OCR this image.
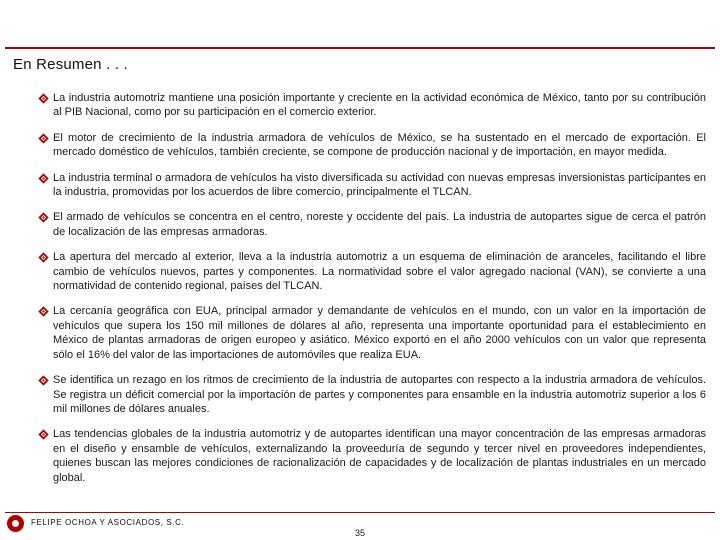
En Resumen . . .
La industria automotriz mantiene una posición importante y creciente en la actividad económica de México, tanto por su contribución al PIB Nacional, como por su participación en el comercio exterior.
El motor de crecimiento de la industria armadora de vehículos de México, se ha sustentado en el mercado de exportación. El mercado doméstico de vehículos, también creciente, se compone de producción nacional y de importación, en mayor medida.
La industria terminal o armadora de vehículos ha visto diversificada su actividad con nuevas empresas inversionistas participantes en la industria, promovidas por los acuerdos de libre comercio, principalmente el TLCAN.
El armado de vehículos se concentra en el centro, noreste y occidente del país. La industria de autopartes sigue de cerca el patrón de localización de las empresas armadoras.
La apertura del mercado al exterior, lleva a la industria automotriz a un esquema de eliminación de aranceles, facilitando el libre cambio de vehículos nuevos, partes y componentes. La normatividad sobre el valor agregado nacional (VAN), se convierte a una normatividad de contenido regional, países del TLCAN.
La cercanía geográfica con EUA, principal armador y demandante de vehículos en el mundo, con un valor en la importación de vehículos que supera los 150 mil millones de dólares al año, representa una importante oportunidad para el establecimiento en México de plantas armadoras de origen europeo y asiático. México exportó en el año 2000 vehículos con un valor que representa sólo el 16% del valor de las importaciones de automóviles que realiza EUA.
Se identifica un rezago en los ritmos de crecimiento de la industria de autopartes con respecto a la industria armadora de vehículos. Se registra un déficit comercial por la importación de partes y componentes para ensamble en la industria automotriz superior a los 6 mil millones de dólares anuales.
Las tendencias globales de la industria automotriz y de autopartes identifican una mayor concentración de las empresas armadoras en el diseño y ensamble de vehículos, externalizando la proveeduría de segundo y tercer nivel en proveedores independientes, quienes buscan las mejores condiciones de racionalización de capacidades y de localización de plantas industriales en un mercado global.
FELIPE OCHOA Y ASOCIADOS, S.C.
35
